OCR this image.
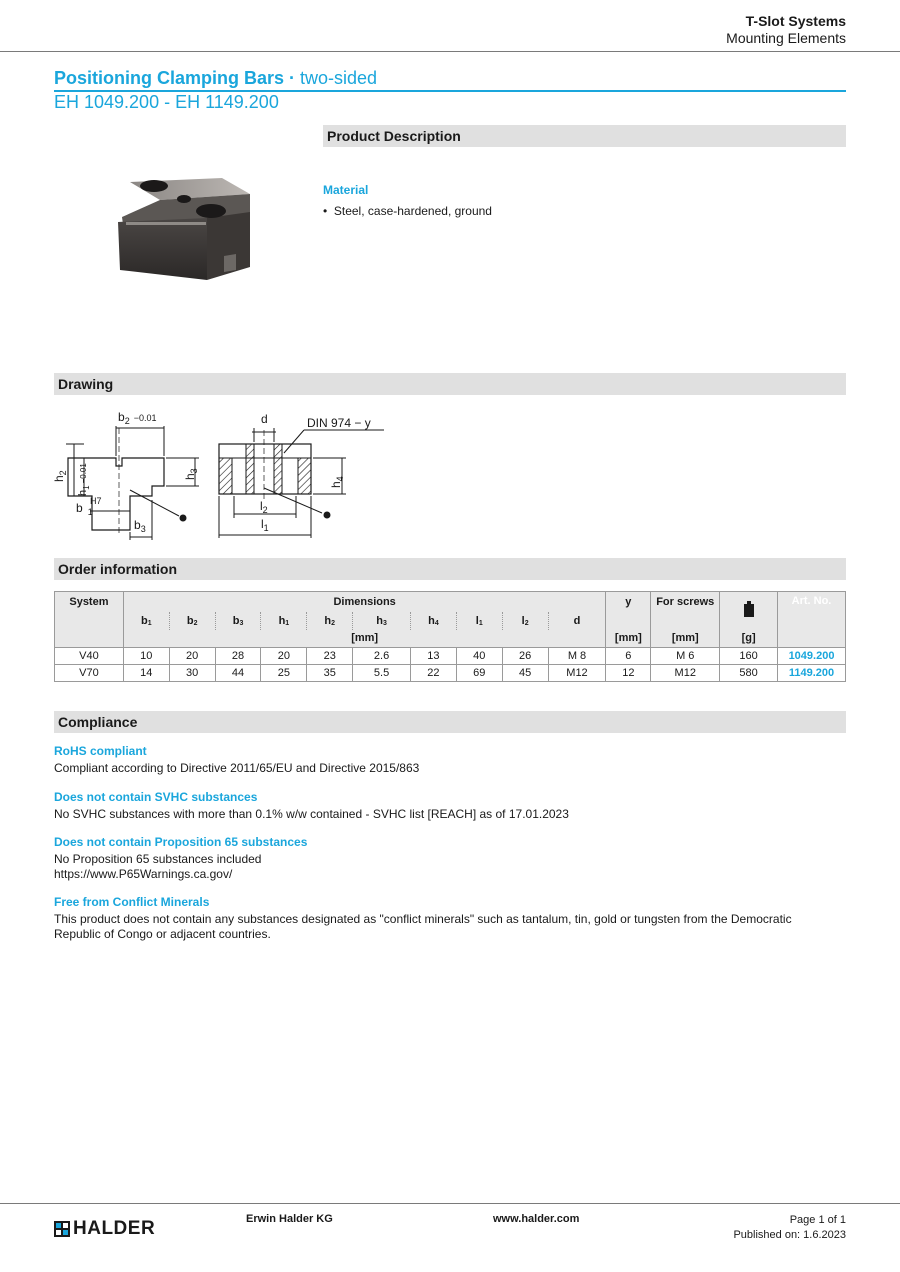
T-Slot Systems
Mounting Elements
Positioning Clamping Bars · two-sided
EH 1049.200 - EH 1149.200
Product Description
Material
•  Steel, case-hardened, ground
Drawing
$b_2$ $^{-0.01}$
$h_2$
$h_1^{-0.01}$	$h_3$
b $_1$
H7
$b_3$
d	DIN 974 − y
$h_4$
$l_2$
$l_1$
Order information
System	Dimensions										y	For screws		Art. No.
	$b_1$	$b_2$	$b_3$	$h_1$	$h_2$	$h_3$	$h_4$	$l_1$	$l_2$	d				
	[mm]										[mm]	[mm]	[g]	
V40	10	20	28	20	23	2.6	13	40	26	M 8	6	M 6	160	1049.200
V70	14	30	44	25	35	5.5	22	69	45	M12	12	M12	580	1149.200
Compliance
RoHS compliant
Compliant according to Directive 2011/65/EU and Directive 2015/863
Does not contain SVHC substances
No SVHC substances with more than 0.1% w/w contained - SVHC list [REACH] as of 17.01.2023
Does not contain Proposition 65 substances
No Proposition 65 substances included
https://www.P65Warnings.ca.gov/
Free from Conflict Minerals
This product does not contain any substances designated as "conflict minerals" such as tantalum, tin, gold or tungsten from the Democratic
Republic of Congo or adjacent countries.
HALDER	Erwin Halder KG	www.halder.com	Page 1 of 1
Published on: 1.6.2023
